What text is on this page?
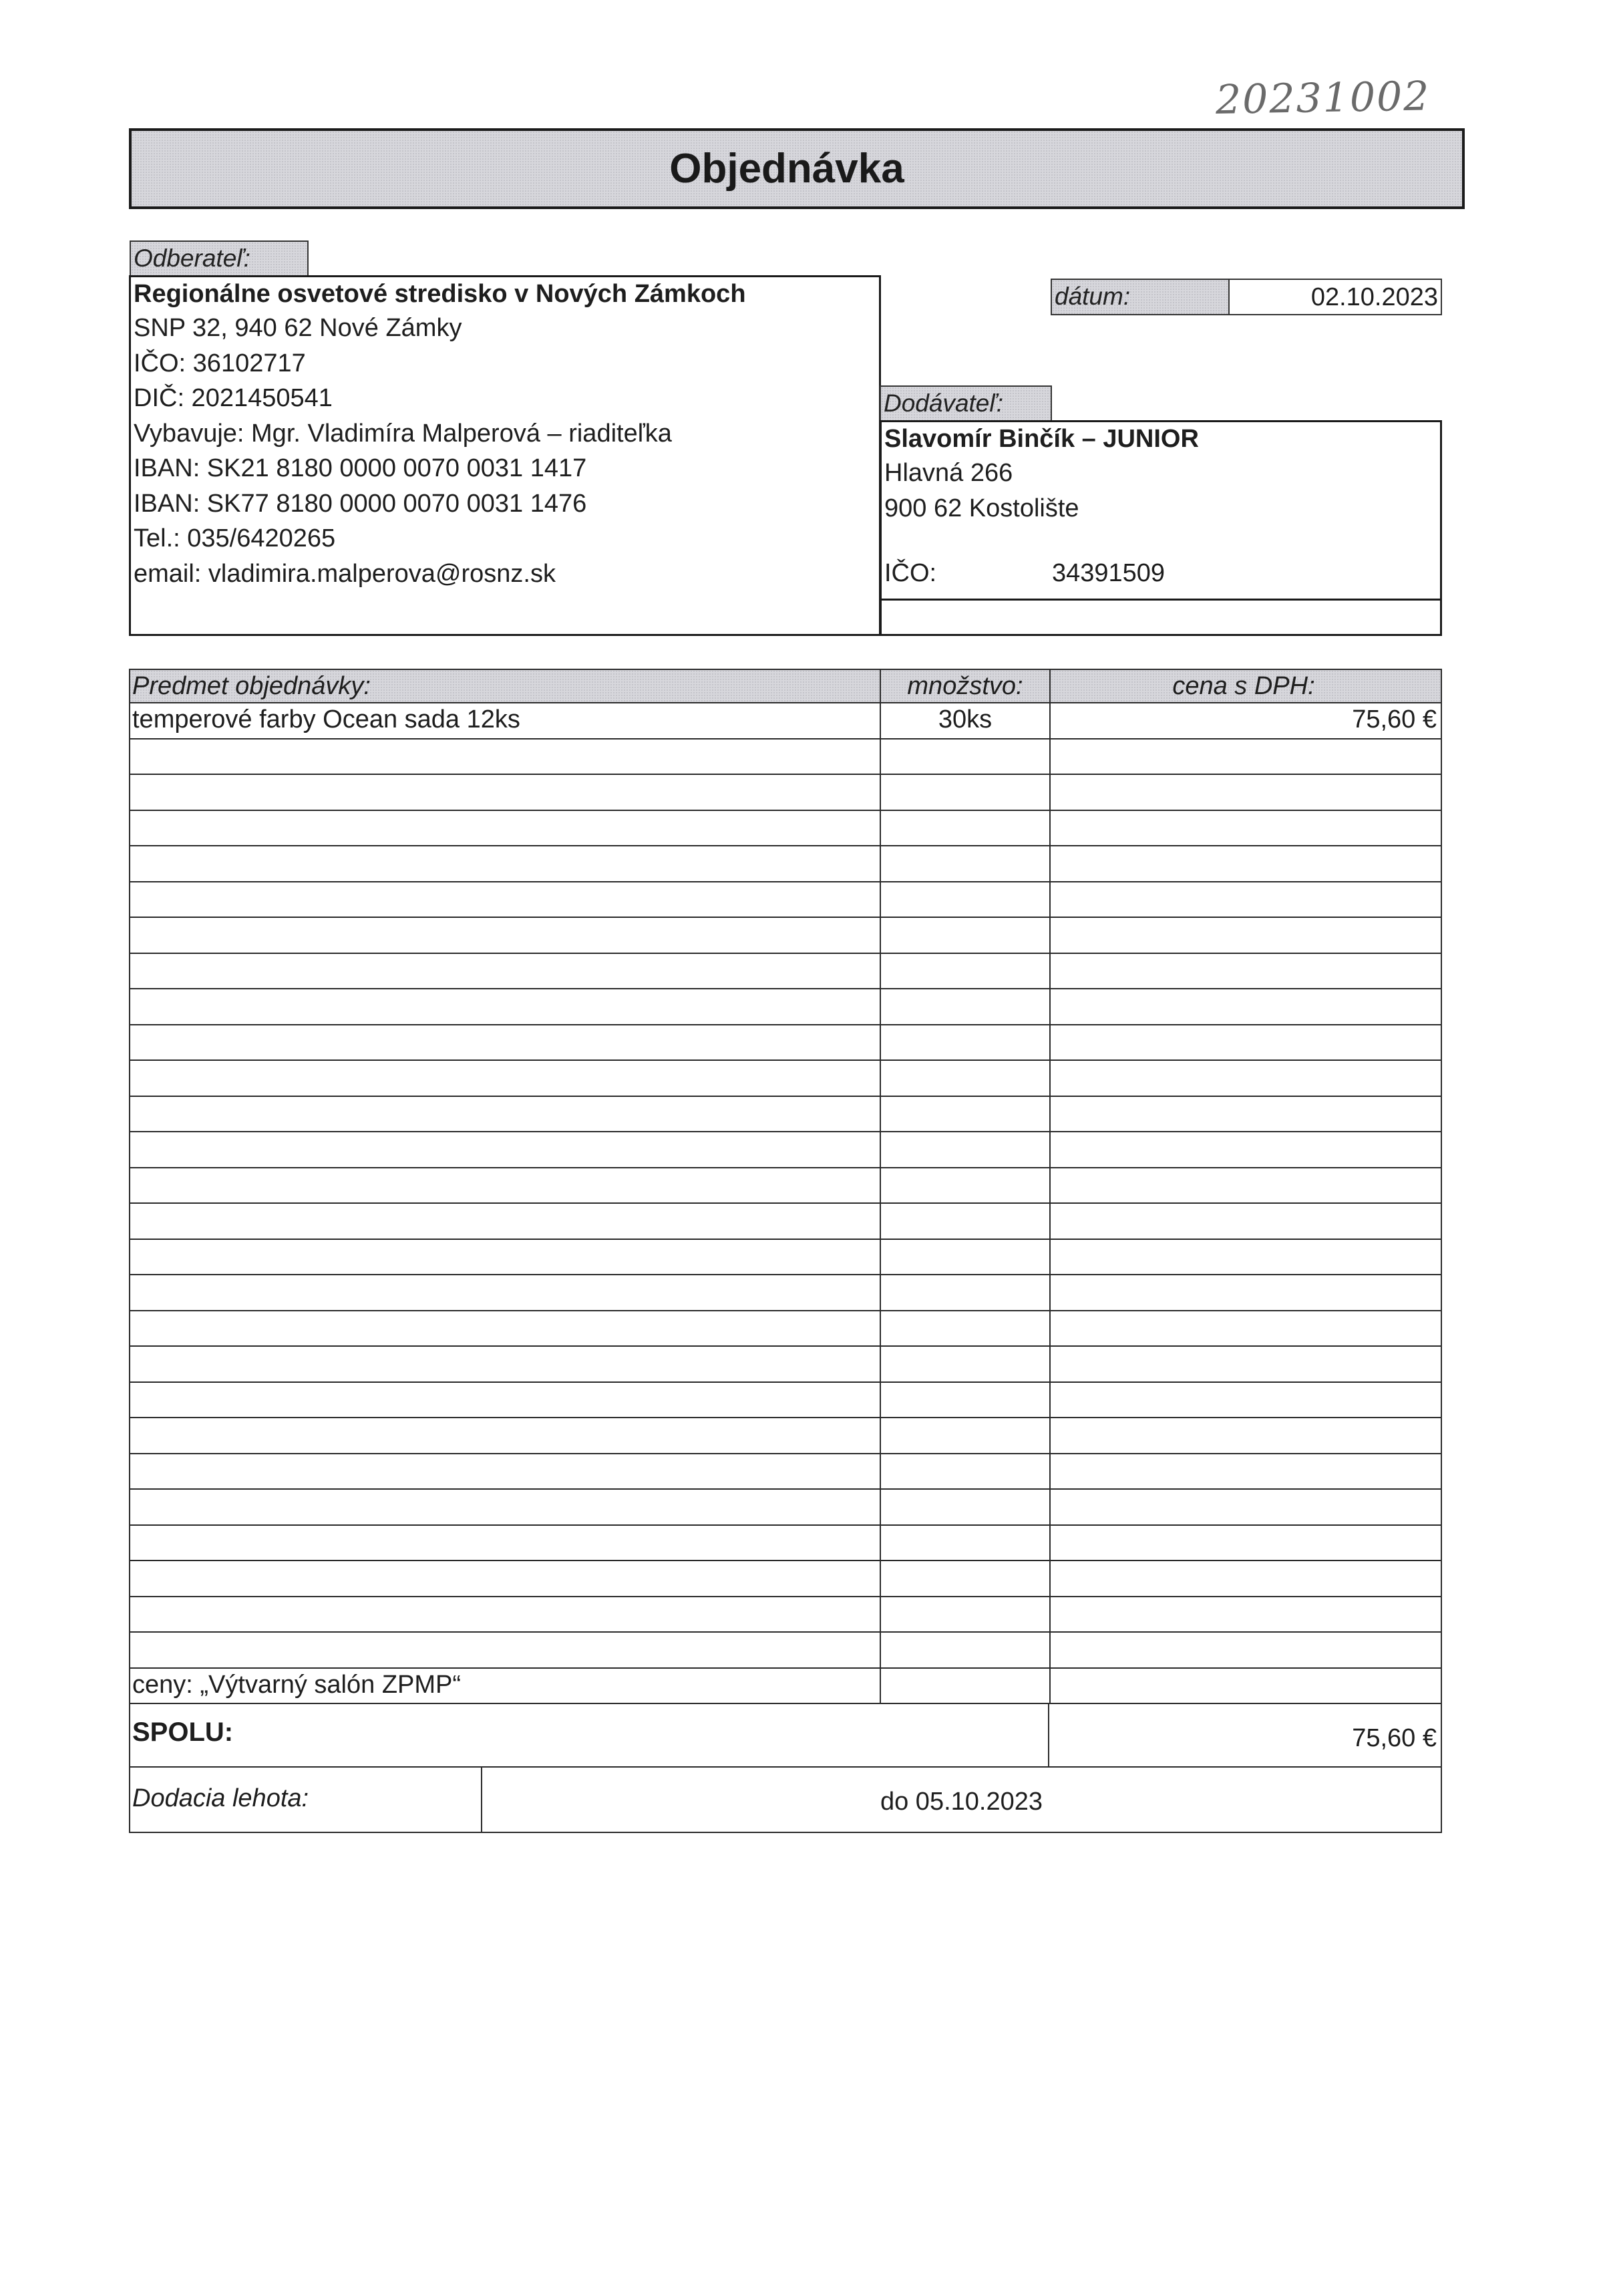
20231002
Objednávka
Odberateľ:
Regionálne osvetové stredisko v Nových Zámkoch
SNP 32, 940 62 Nové Zámky
IČO: 36102717
DIČ: 2021450541
Vybavuje: Mgr. Vladimíra Malperová – riaditeľka
IBAN: SK21 8180 0000 0070 0031 1417
IBAN: SK77 8180 0000 0070 0031 1476
Tel.: 035/6420265
email: vladimira.malperova@rosnz.sk
dátum:	02.10.2023
Dodávateľ:
Slavomír Binčík – JUNIOR
Hlavná 266
900 62 Kostolište
IČO:	34391509
Predmet objednávky:	množstvo:	cena s DPH:
temperové farby Ocean sada 12ks	30ks	75,60 €
ceny: „Výtvarný salón ZPMP“
SPOLU:	75,60 €
Dodacia lehota:	do 05.10.2023
